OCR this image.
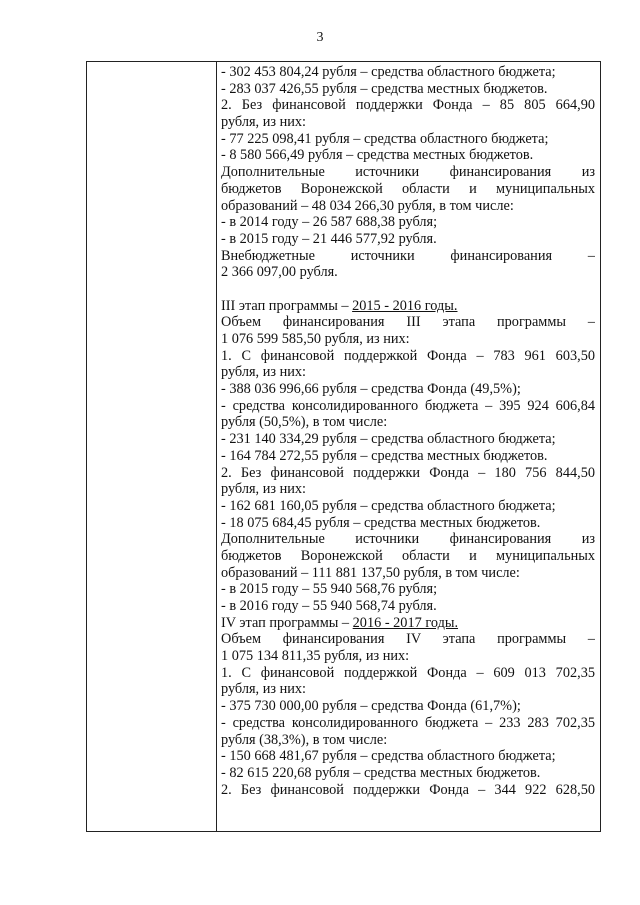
3
- 302 453 804,24 рубля – средства областного бюджета;
- 283 037 426,55 рубля – средства местных бюджетов.
2. Без финансовой поддержки Фонда – 85 805 664,90
рубля, из них:
- 77 225 098,41 рубля – средства областного бюджета;
- 8 580 566,49 рубля – средства местных бюджетов.
Дополнительные источники финансирования из
бюджетов Воронежской области и муниципальных
образований – 48 034 266,30 рубля, в том числе:
- в 2014 году – 26 587 688,38 рубля;
- в 2015 году – 21 446 577,92 рубля.
Внебюджетные источники финансирования –
2 366 097,00 рубля.
III этап программы – 2015 - 2016 годы.
Объем финансирования III этапа программы –
1 076 599 585,50 рубля, из них:
1. С финансовой поддержкой Фонда – 783 961 603,50
рубля, из них:
- 388 036 996,66 рубля – средства Фонда (49,5%);
- средства консолидированного бюджета – 395 924 606,84
рубля (50,5%), в том числе:
- 231 140 334,29 рубля – средства областного бюджета;
- 164 784 272,55 рубля – средства местных бюджетов.
2. Без финансовой поддержки Фонда – 180 756 844,50
рубля, из них:
- 162 681 160,05 рубля – средства областного бюджета;
- 18 075 684,45 рубля – средства местных бюджетов.
Дополнительные источники финансирования из
бюджетов Воронежской области и муниципальных
образований – 111 881 137,50 рубля, в том числе:
- в 2015 году – 55 940 568,76 рубля;
- в 2016 году – 55 940 568,74 рубля.
IV этап программы – 2016 - 2017 годы.
Объем финансирования IV этапа программы –
1 075 134 811,35 рубля, из них:
1. С финансовой поддержкой Фонда – 609 013 702,35
рубля, из них:
- 375 730 000,00 рубля – средства Фонда (61,7%);
- средства консолидированного бюджета – 233 283 702,35
рубля (38,3%), в том числе:
- 150 668 481,67 рубля – средства областного бюджета;
- 82 615 220,68 рубля – средства местных бюджетов.
2. Без финансовой поддержки Фонда – 344 922 628,50
